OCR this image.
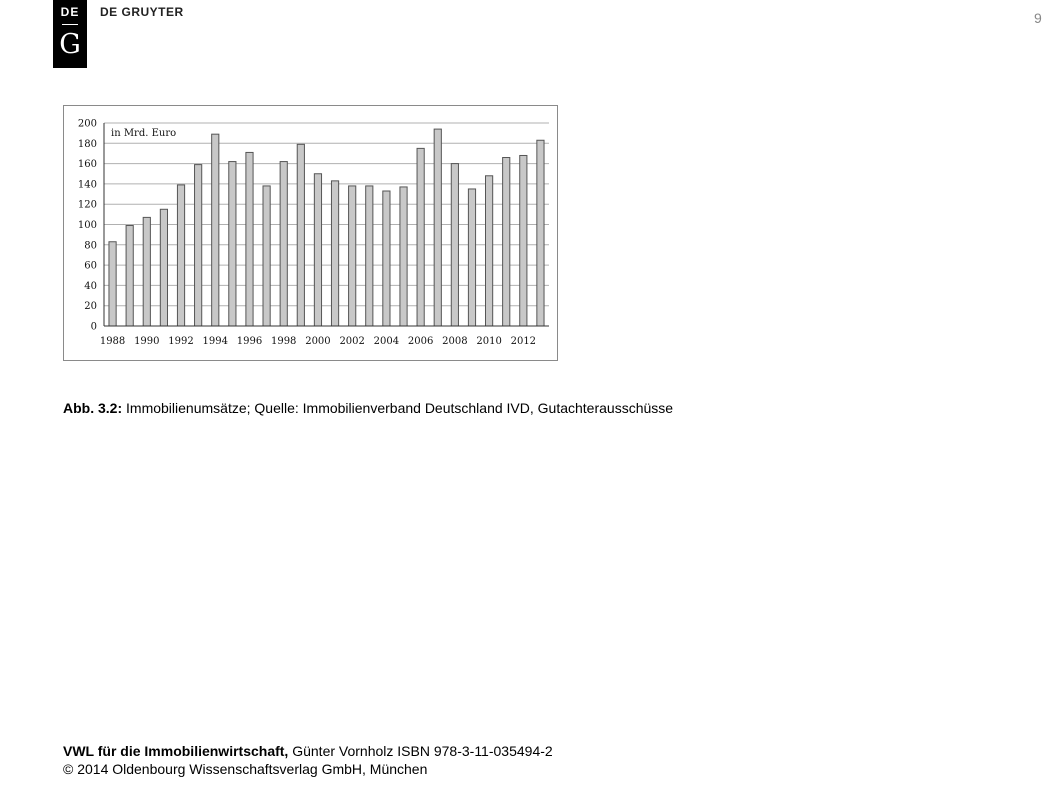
DE
G
DE GRUYTER	9
0
20
40
60
80
100
120
140
160
180
200
1988 1990 1992 1994 1996 1998 2000 2002 2004 2006 2008 2010 2012
in Mrd. Euro
Abb. 3.2: Immobilienumsätze; Quelle: Immobilienverband Deutschland IVD, Gutachterausschüsse
VWL für die Immobilienwirtschaft, Günter Vornholz ISBN 978-3-11-035494-2
© 2014 Oldenbourg Wissenschaftsverlag GmbH, München
